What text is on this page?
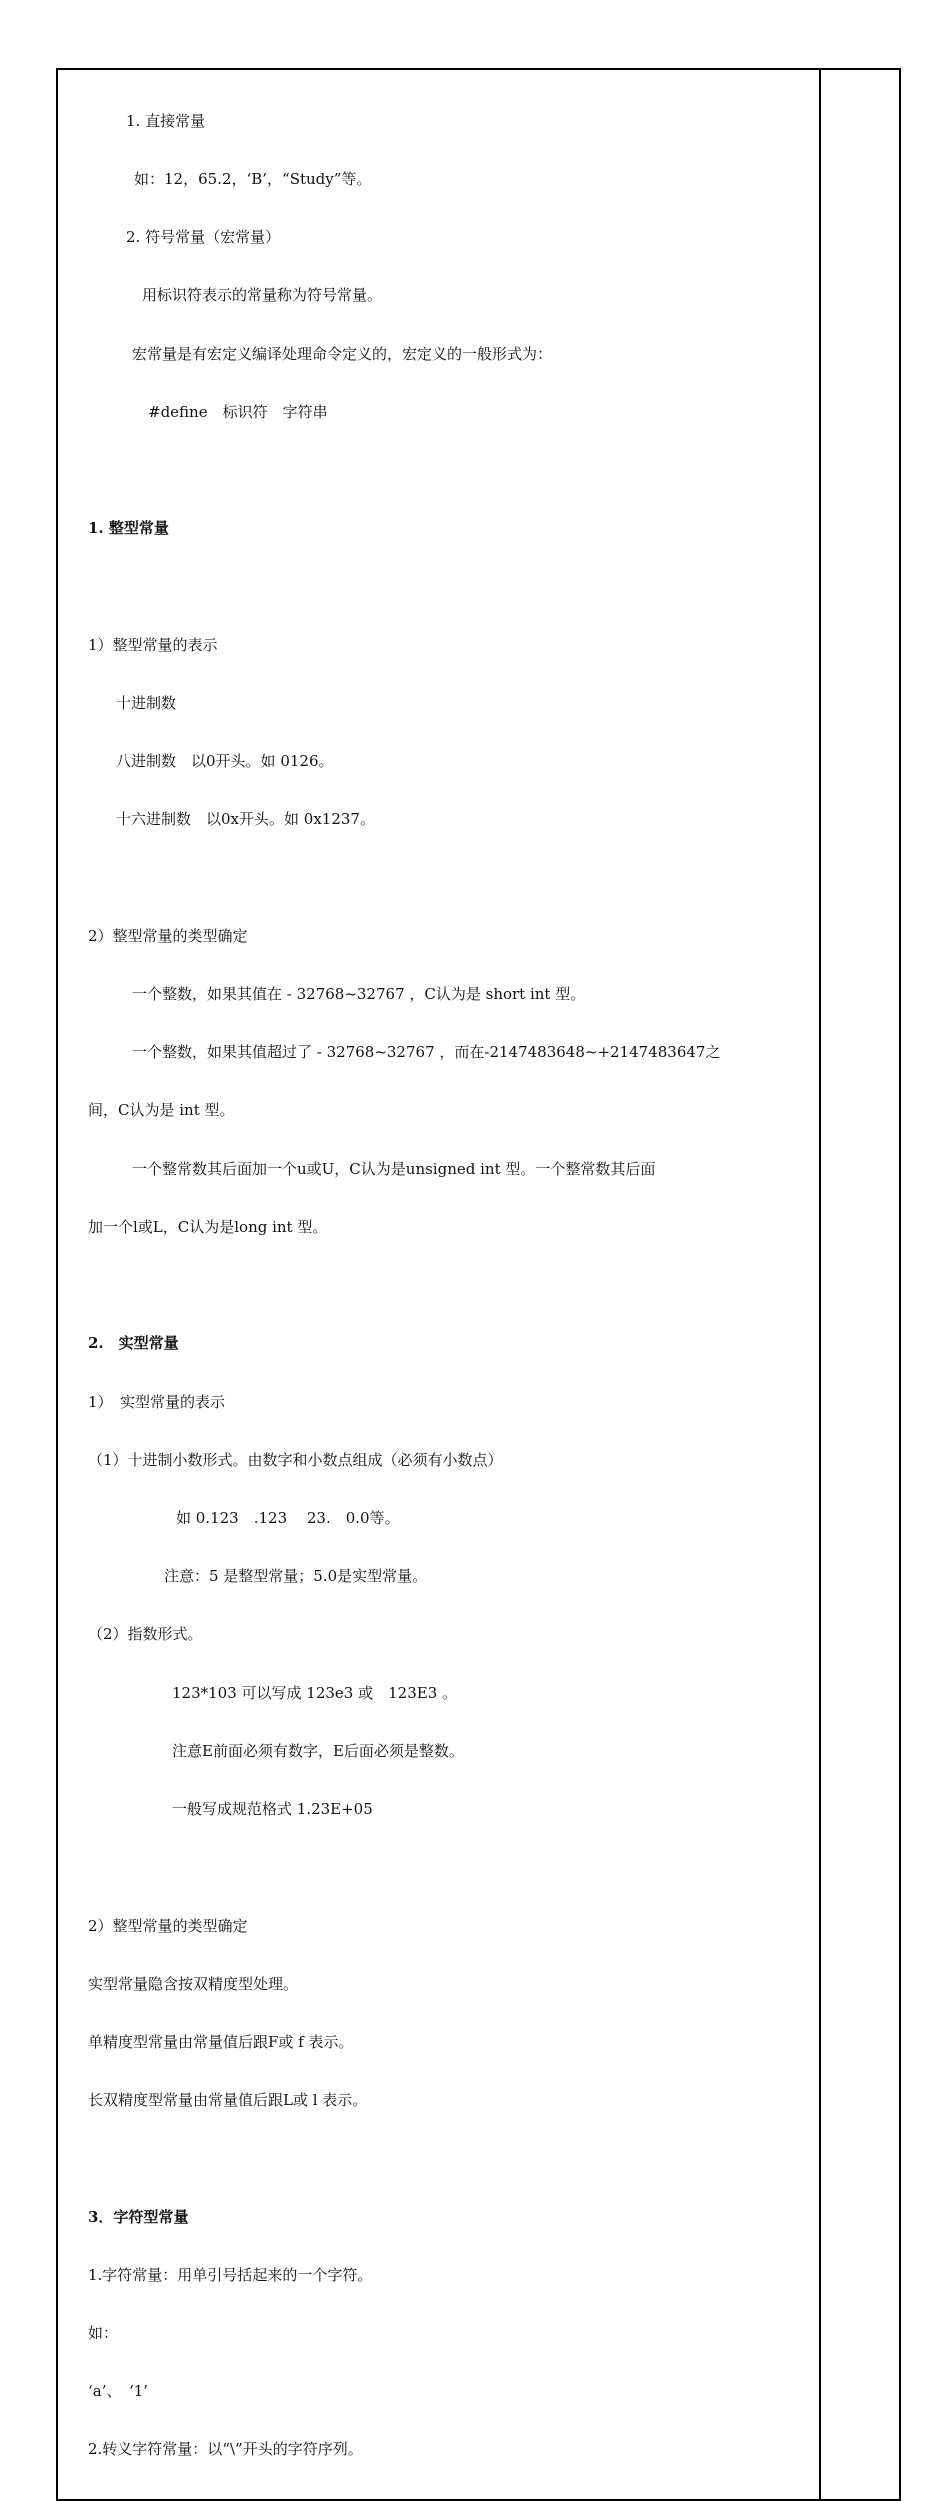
1. 直接常量

如：12，65.2，‘B’，“Study”等。

2. 符号常量（宏常量）

用标识符表示的常量称为符号常量。

宏常量是有宏定义编译处理命令定义的，宏定义的一般形式为：

#define　标识符　字符串

1. 整型常量

1）整型常量的表示

十进制数

八进制数　以0开头。如 0126。

十六进制数　以0x开头。如 0x1237。

2）整型常量的类型确定

一个整数，如果其值在 - 32768~32767 ，C认为是 short int 型。

一个整数，如果其值超过了 - 32768~32767 ，而在-2147483648~+2147483647之

间，C认为是 int 型。

一个整常数其后面加一个u或U，C认为是unsigned int 型。一个整常数其后面

加一个l或L，C认为是long int 型。

2.　实型常量

1）　实型常量的表示

（1）十进制小数形式。由数字和小数点组成（必须有小数点）

如 0.123　.123　 23.　0.0等。

注意：5 是整型常量；5.0是实型常量。

（2）指数形式。

123*103 可以写成 123e3 或　123E3 。

注意E前面必须有数字，E后面必须是整数。

一般写成规范格式 1.23E+05

2）整型常量的类型确定

实型常量隐含按双精度型处理。

单精度型常量由常量值后跟F或 f 表示。

长双精度型常量由常量值后跟L或 l 表示。

3．字符型常量

1.字符常量：用单引号括起来的一个字符。

如：

‘a’、　‘1’

2.转义字符常量：以“\”开头的字符序列。
